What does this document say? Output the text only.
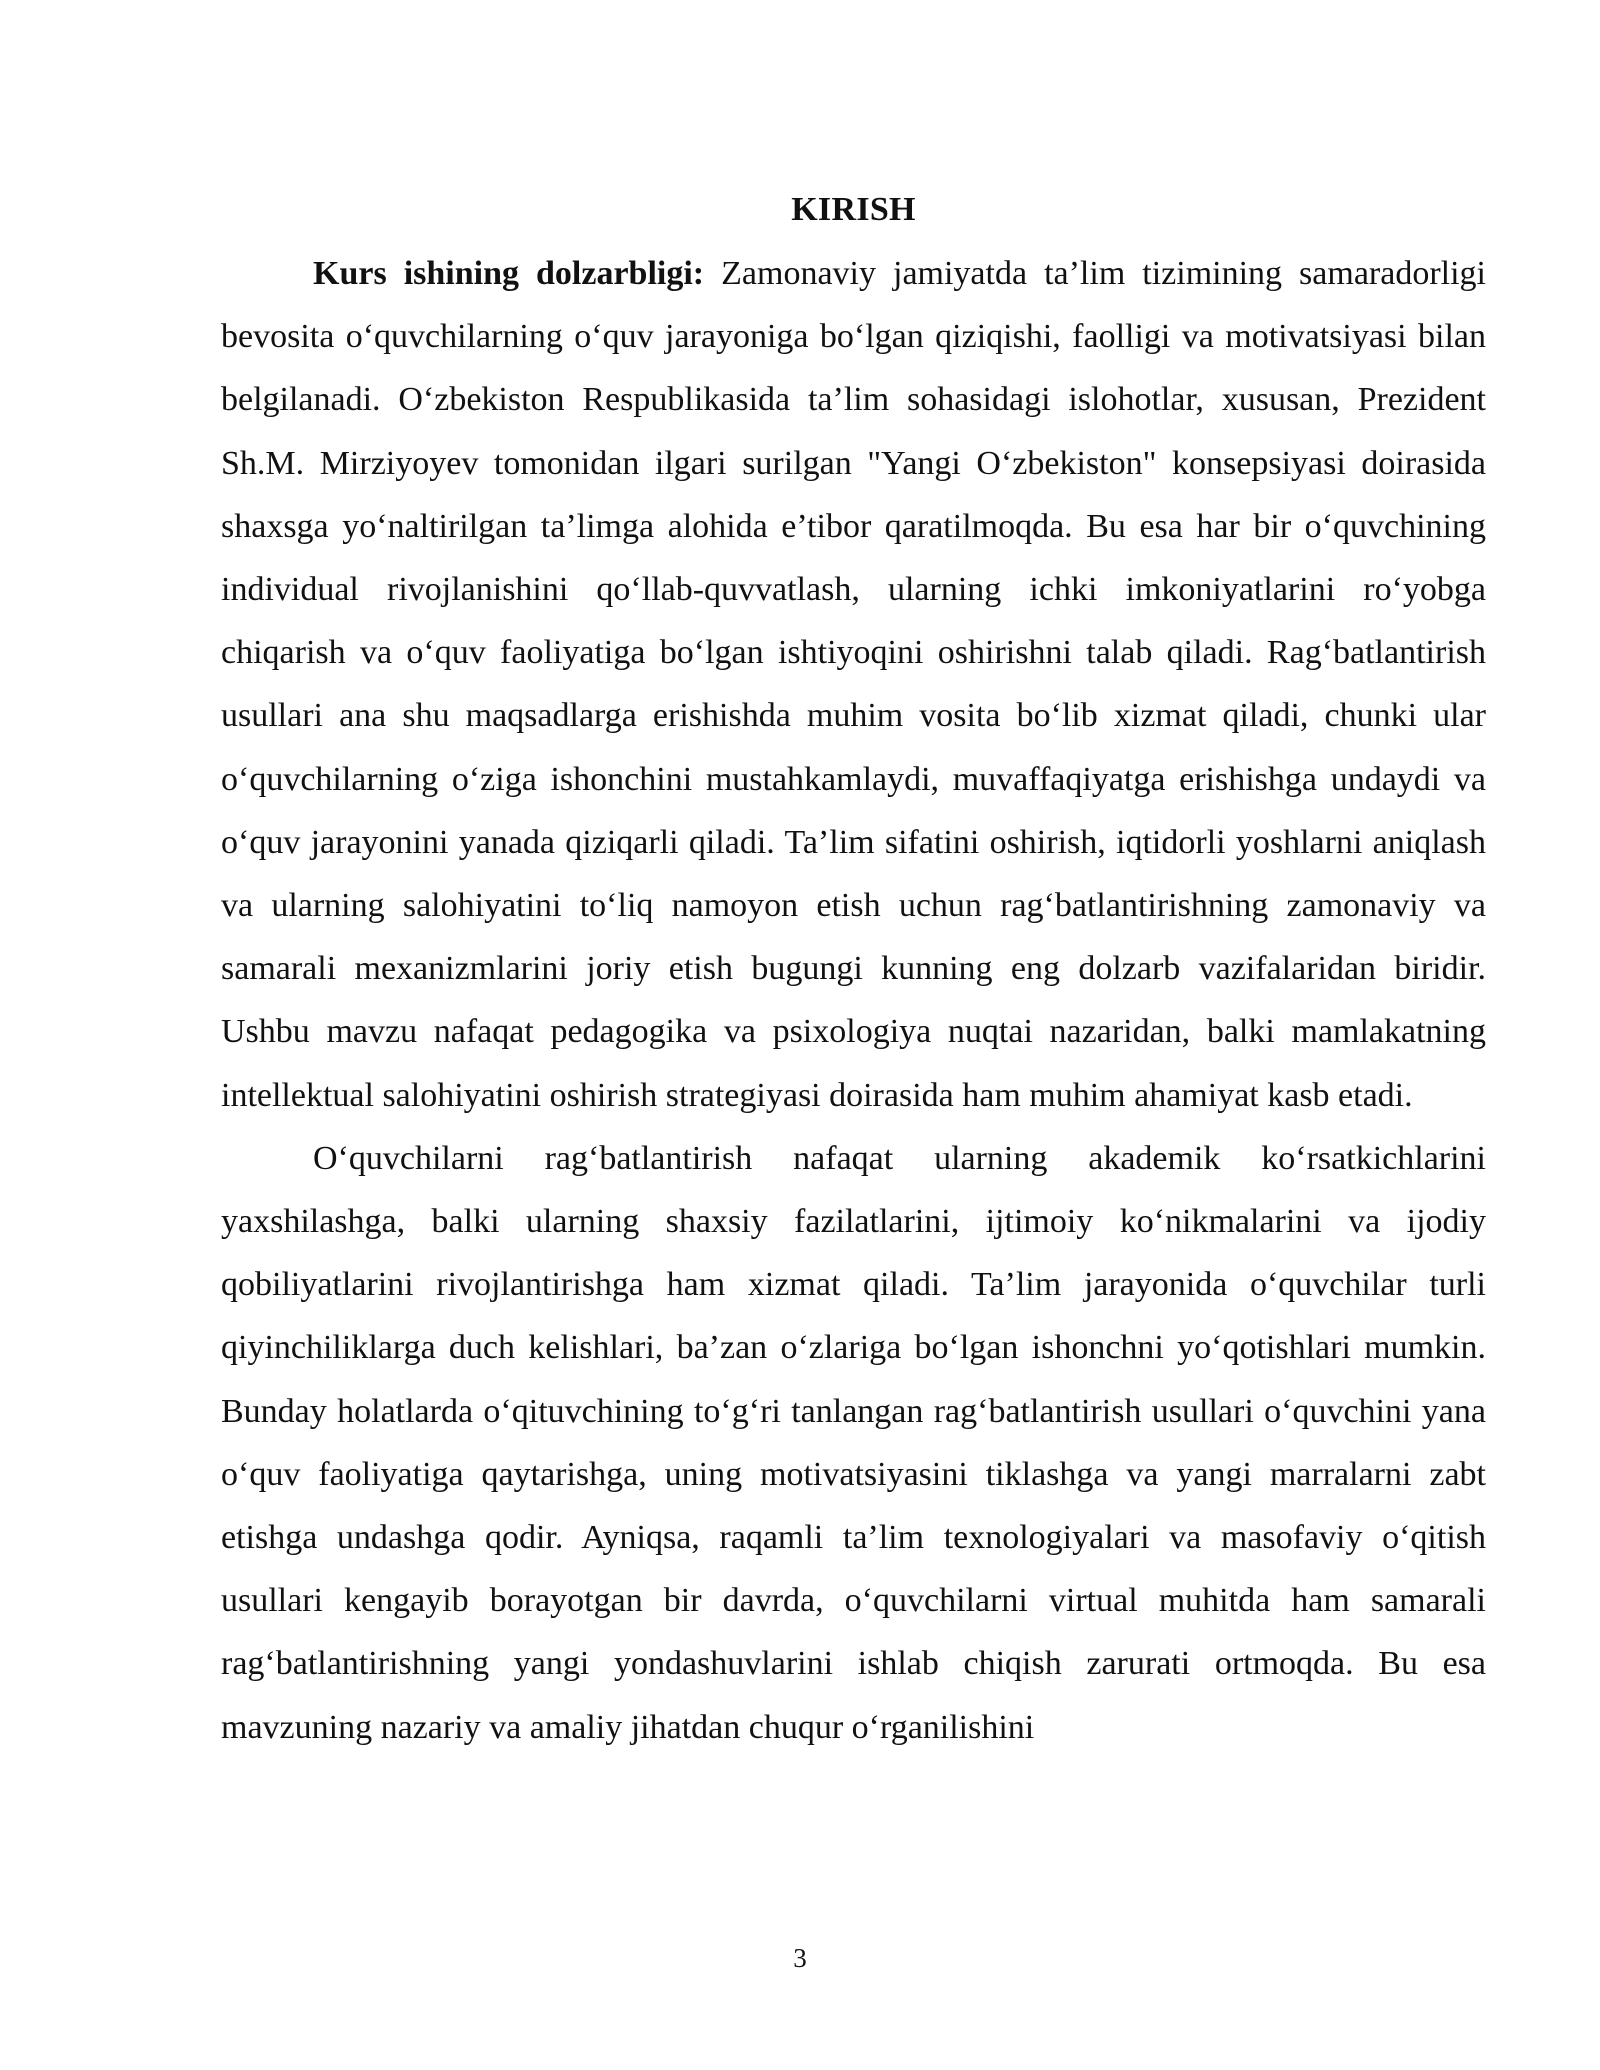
KIRISH

Kurs ishining dolzarbligi: Zamonaviy jamiyatda ta’lim tizimining samaradorligi bevosita o‘quvchilarning o‘quv jarayoniga bo‘lgan qiziqishi, faolligi va motivatsiyasi bilan belgilanadi. O‘zbekiston Respublikasida ta’lim sohasidagi islohotlar, xususan, Prezident Sh.M. Mirziyoyev tomonidan ilgari surilgan "Yangi O‘zbekiston" konsepsiyasi doirasida shaxsga yo‘naltirilgan ta’limga alohida e’tibor qaratilmoqda. Bu esa har bir o‘quvchining individual rivojlanishini qo‘llab-quvvatlash, ularning ichki imkoniyatlarini ro‘yobga chiqarish va o‘quv faoliyatiga bo‘lgan ishtiyoqini oshirishni talab qiladi. Rag‘batlantirish usullari ana shu maqsadlarga erishishda muhim vosita bo‘lib xizmat qiladi, chunki ular o‘quvchilarning o‘ziga ishonchini mustahkamlaydi, muvaffaqiyatga erishishga undaydi va o‘quv jarayonini yanada qiziqarli qiladi. Ta’lim sifatini oshirish, iqtidorli yoshlarni aniqlash va ularning salohiyatini to‘liq namoyon etish uchun rag‘batlantirishning zamonaviy va samarali mexanizmlarini joriy etish bugungi kunning eng dolzarb vazifalaridan biridir. Ushbu mavzu nafaqat pedagogika va psixologiya nuqtai nazaridan, balki mamlakatning intellektual salohiyatini oshirish strategiyasi doirasida ham muhim ahamiyat kasb etadi.

O‘quvchilarni rag‘batlantirish nafaqat ularning akademik ko‘rsatkichlarini yaxshilashga, balki ularning shaxsiy fazilatlarini, ijtimoiy ko‘nikmalarini va ijodiy qobiliyatlarini rivojlantirishga ham xizmat qiladi. Ta’lim jarayonida o‘quvchilar turli qiyinchiliklarga duch kelishlari, ba’zan o‘zlariga bo‘lgan ishonchni yo‘qotishlari mumkin. Bunday holatlarda o‘qituvchining to‘g‘ri tanlangan rag‘batlantirish usullari o‘quvchini yana o‘quv faoliyatiga qaytarishga, uning motivatsiyasini tiklashga va yangi marralarni zabt etishga undashga qodir. Ayniqsa, raqamli ta’lim texnologiyalari va masofaviy o‘qitish usullari kengayib borayotgan bir davrda, o‘quvchilarni virtual muhitda ham samarali rag‘batlantirishning yangi yondashuvlarini ishlab chiqish zarurati ortmoqda. Bu esa mavzuning nazariy va amaliy jihatdan chuqur o‘rganilishini

3
